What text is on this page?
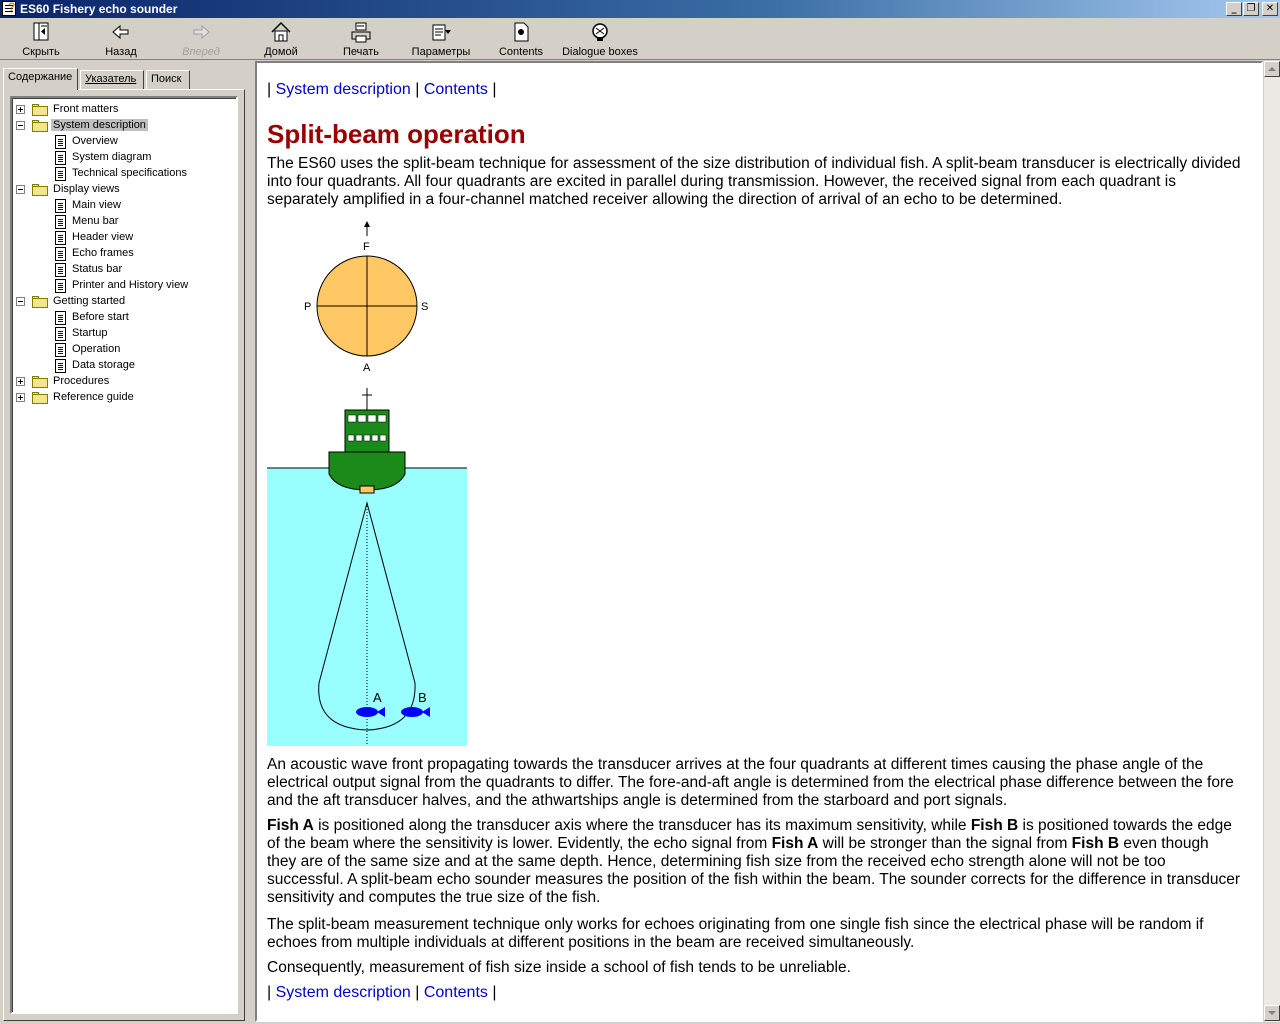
?
ES60 Fishery echo sounder	_	❐	✕
Скрыть	Назад	Вперед	Домой	Печать	Параметры	Contents	Dialogue boxes
Содержание	Указатель	Поиск
Front matters
System description
Overview
System diagram
Technical specifications
Display views
Main view
Menu bar
Header view
Echo frames
Status bar
Printer and History view
Getting started
Before start
Startup
Operation
Data storage
Procedures
Reference guide
| System description | Contents |
Split-beam operation

The ES60 uses the split-beam technique for assessment of the size distribution of individual fish. A split-beam transducer is electrically divided into four quadrants. All four quadrants are excited in parallel during transmission. However, the received signal from each quadrant is separately amplified in a four-channel matched receiver allowing the direction of arrival of an echo to be determined.

F
P	S
A
A	B

An acoustic wave front propagating towards the transducer arrives at the four quadrants at different times causing the phase angle of the electrical output signal from the quadrants to differ. The fore-and-aft angle is determined from the electrical phase difference between the fore and the aft transducer halves, and the athwartships angle is determined from the starboard and port signals.

Fish A is positioned along the transducer axis where the transducer has its maximum sensitivity, while Fish B is positioned towards the edge of the beam where the sensitivity is lower. Evidently, the echo signal from Fish A will be stronger than the signal from Fish B even though they are of the same size and at the same depth. Hence, determining fish size from the received echo strength alone will not be too successful. A split-beam echo sounder measures the position of the fish within the beam. The sounder corrects for the difference in transducer sensitivity and computes the true size of the fish.

The split-beam measurement technique only works for echoes originating from one single fish since the electrical phase will be random if echoes from multiple individuals at different positions in the beam are received simultaneously.

Consequently, measurement of fish size inside a school of fish tends to be unreliable.

| System description | Contents |
